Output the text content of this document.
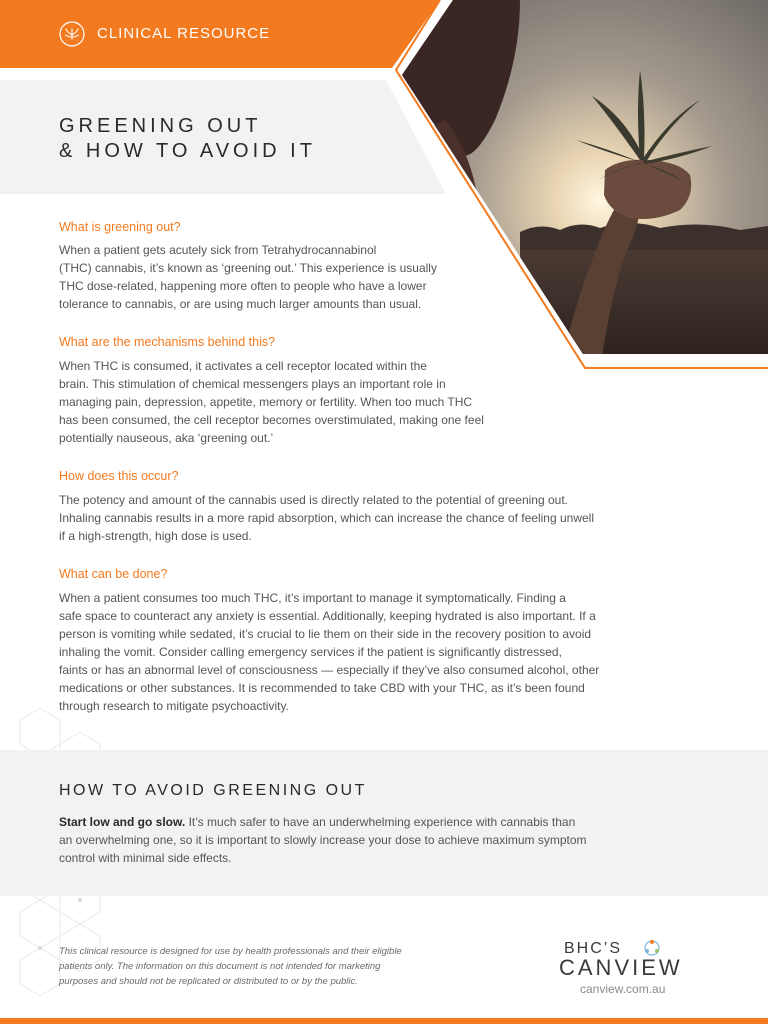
CLINICAL RESOURCE
GREENING OUT
& HOW TO AVOID IT
What is greening out?

When a patient gets acutely sick from Tetrahydrocannabinol
(THC) cannabis, it’s known as ‘greening out.’ This experience is usually
THC dose-related, happening more often to people who have a lower
tolerance to cannabis, or are using much larger amounts than usual.

What are the mechanisms behind this?

When THC is consumed, it activates a cell receptor located within the
brain. This stimulation of chemical messengers plays an important role in
managing pain, depression, appetite, memory or fertility. When too much THC
has been consumed, the cell receptor becomes overstimulated, making one feel
potentially nauseous, aka ‘greening out.’

How does this occur?

The potency and amount of the cannabis used is directly related to the potential of greening out.
Inhaling cannabis results in a more rapid absorption, which can increase the chance of feeling unwell
if a high-strength, high dose is used.

What can be done?

When a patient consumes too much THC, it’s important to manage it symptomatically. Finding a
safe space to counteract any anxiety is essential. Additionally, keeping hydrated is also important. If a
person is vomiting while sedated, it’s crucial to lie them on their side in the recovery position to avoid
inhaling the vomit. Consider calling emergency services if the patient is significantly distressed,
faints or has an abnormal level of consciousness — especially if they’ve also consumed alcohol, other
medications or other substances. It is recommended to take CBD with your THC, as it’s been found
through research to mitigate psychoactivity.

HOW TO AVOID GREENING OUT

Start low and go slow. It’s much safer to have an underwhelming experience with cannabis than
an overwhelming one, so it is important to slowly increase your dose to achieve maximum symptom
control with minimal side effects.

This clinical resource is designed for use by health professionals and their eligible
patients only. The information on this document is not intended for marketing
purposes and should not be replicated or distributed to or by the public.

BHC’S
CANVIEW
canview.com.au
